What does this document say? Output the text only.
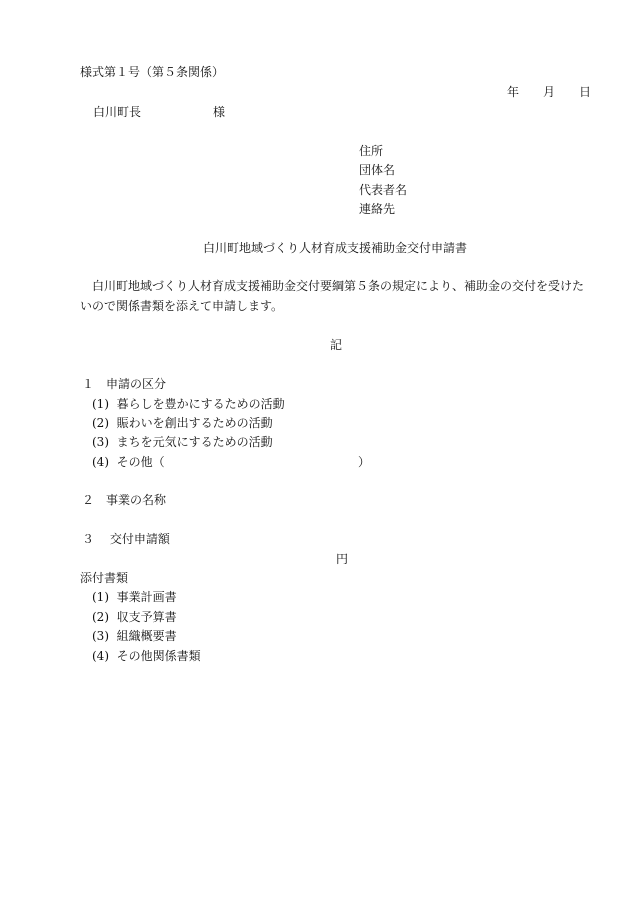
様式第１号（第５条関係）
年 月 日
白川町長	様
住所
団体名
代表者名
連絡先
白川町地域づくり人材育成支援補助金交付申請書
白川町地域づくり人材育成支援補助金交付要綱第５条の規定により、補助金の交付を受けたいので関係書類を添えて申請します。
記
１　申請の区分
(1)  暮らしを豊かにするための活動
(2)  賑わいを創出するための活動
(3)  まちを元気にするための活動
(4)  その他（	）
２　事業の名称
３　 交付申請額
円
添付書類
(1)  事業計画書
(2)  収支予算書
(3)  組織概要書
(4)  その他関係書類
